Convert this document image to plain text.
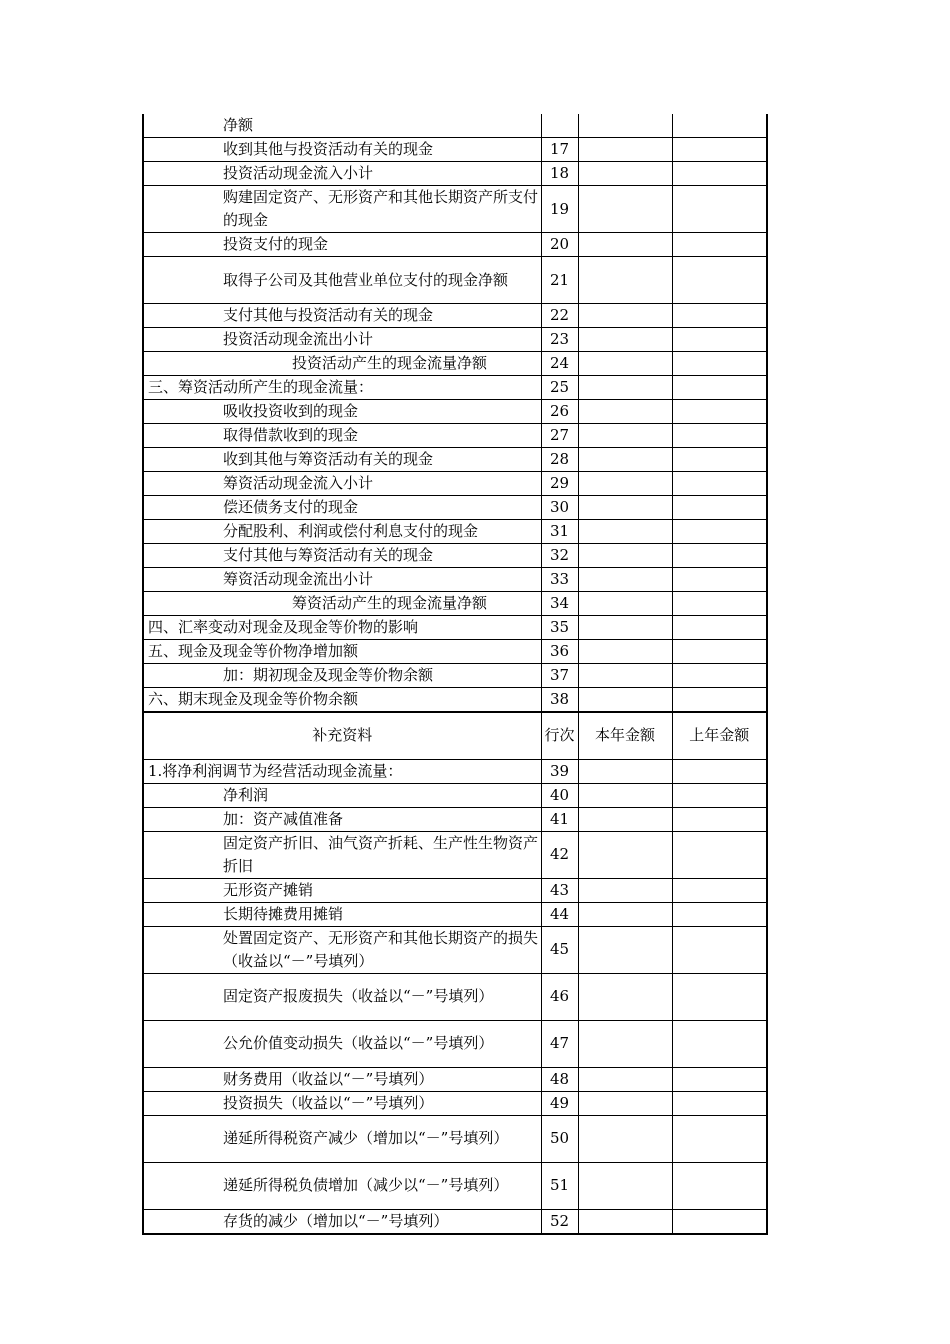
净额			
收到其他与投资活动有关的现金	17		
投资活动现金流入小计	18		
购建固定资产、无形资产和其他长期资产所支付的现金	19		
投资支付的现金	20		
取得子公司及其他营业单位支付的现金净额	21		
支付其他与投资活动有关的现金	22		
投资活动现金流出小计	23		
投资活动产生的现金流量净额	24		
三、筹资活动所产生的现金流量：	25		
吸收投资收到的现金	26		
取得借款收到的现金	27		
收到其他与筹资活动有关的现金	28		
筹资活动现金流入小计	29		
偿还债务支付的现金	30		
分配股利、利润或偿付利息支付的现金	31		
支付其他与筹资活动有关的现金	32		
筹资活动现金流出小计	33		
筹资活动产生的现金流量净额	34		
四、汇率变动对现金及现金等价物的影响	35		
五、现金及现金等价物净增加额	36		
加：期初现金及现金等价物余额	37		
六、期末现金及现金等价物余额	38		
补充资料	行次	本年金额	上年金额
1.将净利润调节为经营活动现金流量：	39		
净利润	40		
加：资产减值准备	41		
固定资产折旧、油气资产折耗、生产性生物资产折旧	42		
无形资产摊销	43		
长期待摊费用摊销	44		
处置固定资产、无形资产和其他长期资产的损失（收益以“－”号填列）	45		
固定资产报废损失（收益以“－”号填列）	46		
公允价值变动损失（收益以“－”号填列）	47		
财务费用（收益以“－”号填列）	48		
投资损失（收益以“－”号填列）	49		
递延所得税资产减少（增加以“－”号填列）	50		
递延所得税负债增加（减少以“－”号填列）	51		
存货的减少（增加以“－”号填列）	52		
